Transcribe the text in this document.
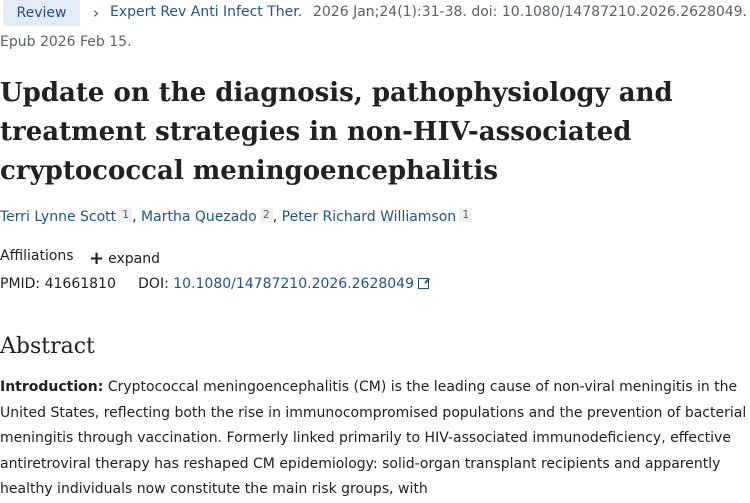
Review	› Expert Rev Anti Infect Ther. 2026 Jan;24(1):31-38. doi: 10.1080/14787210.2026.2628049.
Epub 2026 Feb 15.
Update on the diagnosis, pathophysiology and treatment strategies in non-HIV-associated cryptococcal meningoencephalitis
Terri Lynne Scott 1 , Martha Quezado 2 , Peter Richard Williamson 1
Affiliations + expand
PMID: 41661810 DOI: 10.1080/14787210.2026.2628049
Abstract
Introduction: Cryptococcal meningoencephalitis (CM) is the leading cause of non-viral meningitis in the United States, reflecting both the rise in immunocompromised populations and the prevention of bacterial meningitis through vaccination. Formerly linked primarily to HIV-associated immunodeficiency, effective antiretroviral therapy has reshaped CM epidemiology: solid-organ transplant recipients and apparently healthy individuals now constitute the main risk groups, with
